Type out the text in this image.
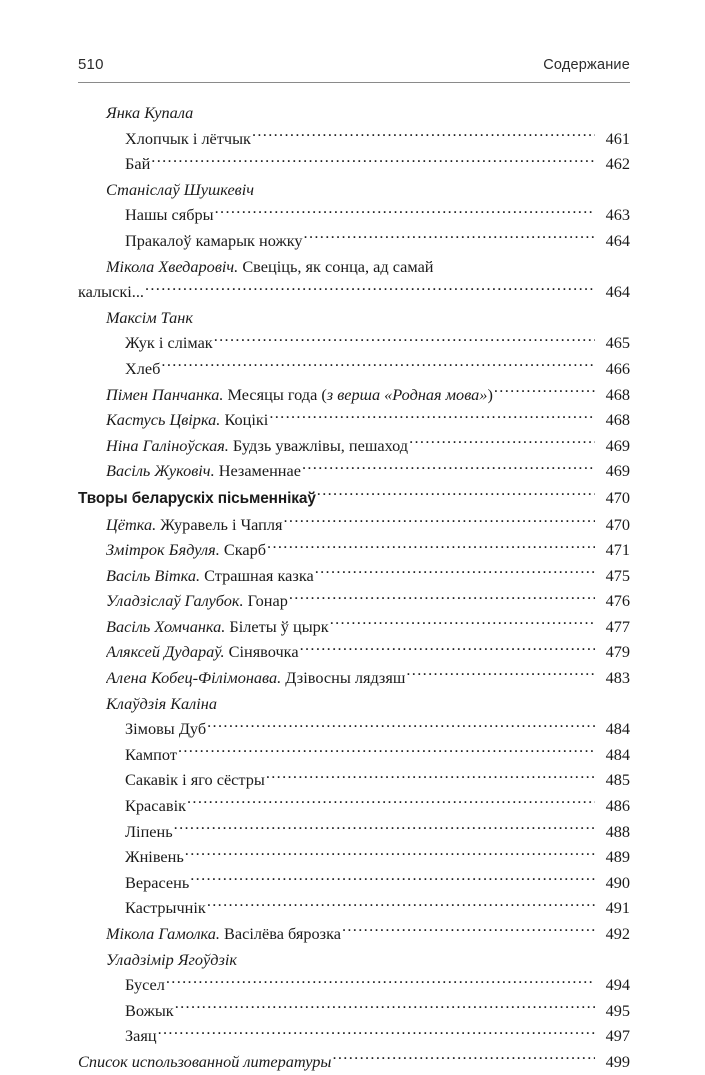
510	Содержание
Янка Купала
Хлопчык і лётчык .....	461
Бай .....	462
Станіслаў Шушкевіч
Нашы сябры .....	463
Пракалоў камарык ножку .....	464
Мікола Хведаровіч. Свеціць, як сонца, ад самай
калыскі... .....	464
Максім Танк
Жук і слімак .....	465
Хлеб .....	466
Пімен Панчанка. Месяцы года (з верша «Родная мова») .....	468
Кастусь Цвірка. Коцікі .....	468
Ніна Галіноўская. Будзь уважлівы, пешаход .....	469
Васіль Жуковіч. Незаменнае .....	469
Творы беларускіх пісьменнікаў .....	470
Цётка. Журавель і Чапля .....	470
Змітрок Бядуля. Скарб .....	471
Васіль Вітка. Страшная казка .....	475
Уладзіслаў Галубок. Гонар .....	476
Васіль Хомчанка. Білеты ў цырк .....	477
Аляксей Дудараў. Сінявочка .....	479
Алена Кобец-Філімонава. Дзівосны лядзяш .....	483
Клаўдзія Каліна
Зімовы Дуб .....	484
Кампот .....	484
Сакавік і яго сёстры .....	485
Красавік .....	486
Ліпень .....	488
Жнівень .....	489
Верасень .....	490
Кастрычнік .....	491
Мікола Гамолка. Васілёва бярозка .....	492
Уладзімір Ягоўдзік
Бусел .....	494
Вожык .....	495
Заяц .....	497
Список использованной литературы .....	499
